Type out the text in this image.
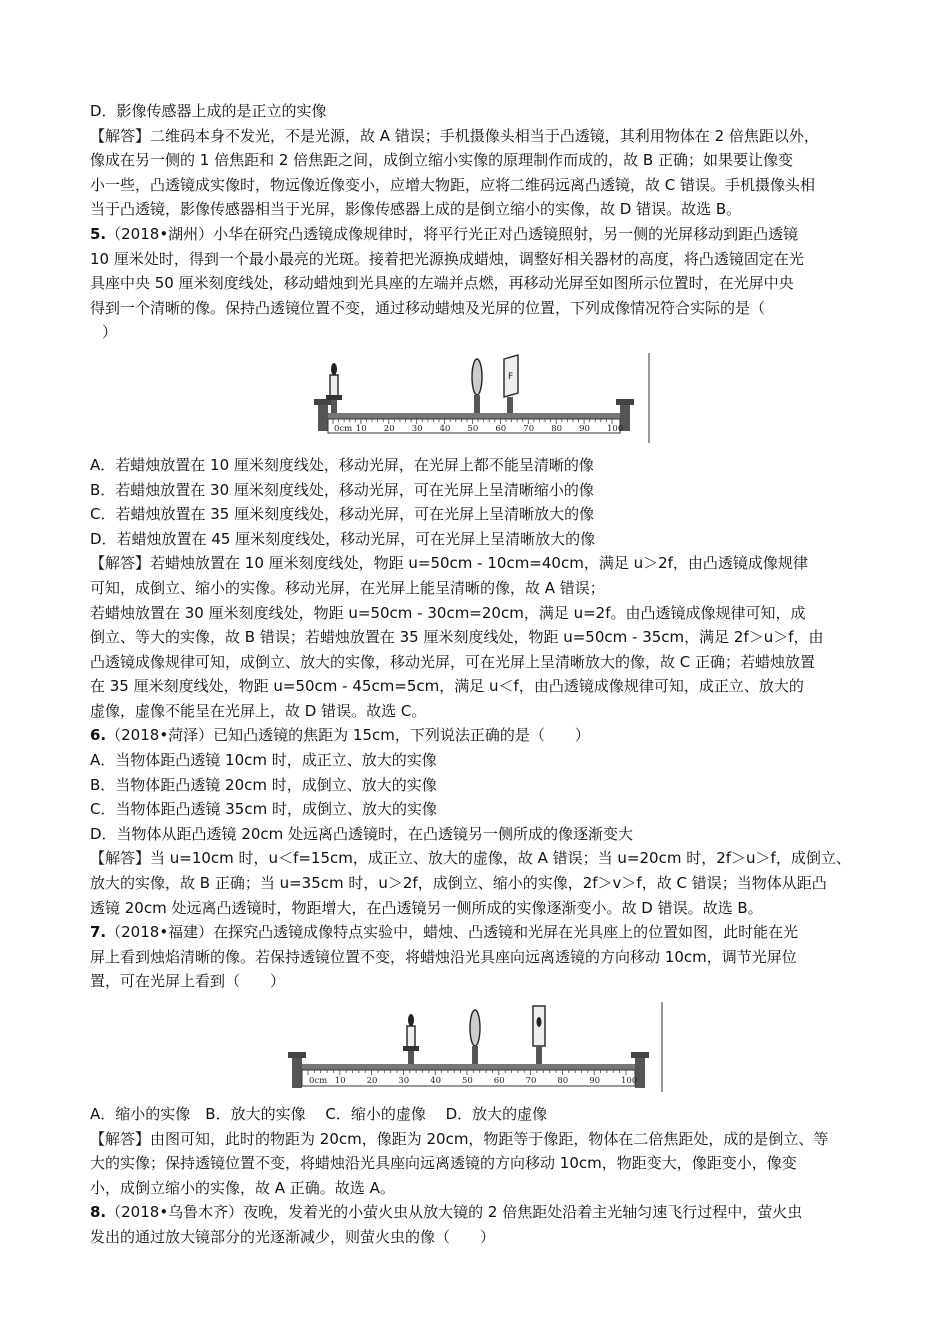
D．影像传感器上成的是正立的实像

【解答】二维码本身不发光，不是光源，故 A 错误；手机摄像头相当于凸透镜，其利用物体在 2 倍焦距以外，

像成在另一侧的 1 倍焦距和 2 倍焦距之间，成倒立缩小实像的原理制作而成的，故 B 正确；如果要让像变

小一些，凸透镜成实像时，物远像近像变小，应增大物距，应将二维码远离凸透镜，故 C 错误。手机摄像头相

当于凸透镜，影像传感器相当于光屏，影像传感器上成的是倒立缩小的实像，故 D 错误。故选 B。

5.（2018•湖州）小华在研究凸透镜成像规律时，将平行光正对凸透镜照射，另一侧的光屏移动到距凸透镜

10 厘米处时，得到一个最小最亮的光斑。接着把光源换成蜡烛，调整好相关器材的高度，将凸透镜固定在光

具座中央 50 厘米刻度线处，移动蜡烛到光具座的左端并点燃，再移动光屏至如图所示位置时，在光屏中央

得到一个清晰的像。保持凸透镜位置不变，通过移动蜡烛及光屏的位置，下列成像情况符合实际的是（

）

0cm 10 20 30 40 50 60 70 80 90 100
F

A．若蜡烛放置在 10 厘米刻度线处，移动光屏，在光屏上都不能呈清晰的像

B．若蜡烛放置在 30 厘米刻度线处，移动光屏，可在光屏上呈清晰缩小的像

C．若蜡烛放置在 35 厘米刻度线处，移动光屏，可在光屏上呈清晰放大的像

D．若蜡烛放置在 45 厘米刻度线处，移动光屏，可在光屏上呈清晰放大的像

【解答】若蜡烛放置在 10 厘米刻度线处，物距 u=50cm - 10cm=40cm，满足 u＞2f，由凸透镜成像规律

可知，成倒立、缩小的实像。移动光屏，在光屏上能呈清晰的像，故 A 错误；

若蜡烛放置在 30 厘米刻度线处，物距 u=50cm - 30cm=20cm，满足 u=2f。由凸透镜成像规律可知，成

倒立、等大的实像，故 B 错误；若蜡烛放置在 35 厘米刻度线处，物距 u=50cm - 35cm，满足 2f＞u＞f，由

凸透镜成像规律可知，成倒立、放大的实像，移动光屏，可在光屏上呈清晰放大的像，故 C 正确；若蜡烛放置

在 35 厘米刻度线处，物距 u=50cm - 45cm=5cm，满足 u＜f，由凸透镜成像规律可知，成正立、放大的

虚像，虚像不能呈在光屏上，故 D 错误。故选 C。

6.（2018•菏泽）已知凸透镜的焦距为 15cm，下列说法正确的是（　　）

A．当物体距凸透镜 10cm 时，成正立、放大的实像

B．当物体距凸透镜 20cm 时，成倒立、放大的实像

C．当物体距凸透镜 35cm 时，成倒立、放大的实像

D．当物体从距凸透镜 20cm 处远离凸透镜时，在凸透镜另一侧所成的像逐渐变大

【解答】当 u=10cm 时，u＜f=15cm，成正立、放大的虚像，故 A 错误；当 u=20cm 时，2f＞u＞f，成倒立、

放大的实像，故 B 正确；当 u=35cm 时，u＞2f，成倒立、缩小的实像，2f＞v＞f，故 C 错误；当物体从距凸

透镜 20cm 处远离凸透镜时，物距增大，在凸透镜另一侧所成的实像逐渐变小。故 D 错误。故选 B。

7.（2018•福建）在探究凸透镜成像特点实验中，蜡烛、凸透镜和光屏在光具座上的位置如图，此时能在光

屏上看到烛焰清晰的像。若保持透镜位置不变，将蜡烛沿光具座向远离透镜的方向移动 10cm，调节光屏位

置，可在光屏上看到（　　）

0cm 10 20 30 40 50 60 70 80 90 100

A．缩小的实像　 B．放大的实像　 C．缩小的虚像　 D．放大的虚像

【解答】由图可知，此时的物距为 20cm，像距为 20cm，物距等于像距，物体在二倍焦距处，成的是倒立、等

大的实像；保持透镜位置不变，将蜡烛沿光具座向远离透镜的方向移动 10cm，物距变大，像距变小，像变

小，成倒立缩小的实像，故 A 正确。故选 A。

8.（2018•乌鲁木齐）夜晚，发着光的小萤火虫从放大镜的 2 倍焦距处沿着主光轴匀速飞行过程中，萤火虫

发出的通过放大镜部分的光逐渐减少，则萤火虫的像（　　）
